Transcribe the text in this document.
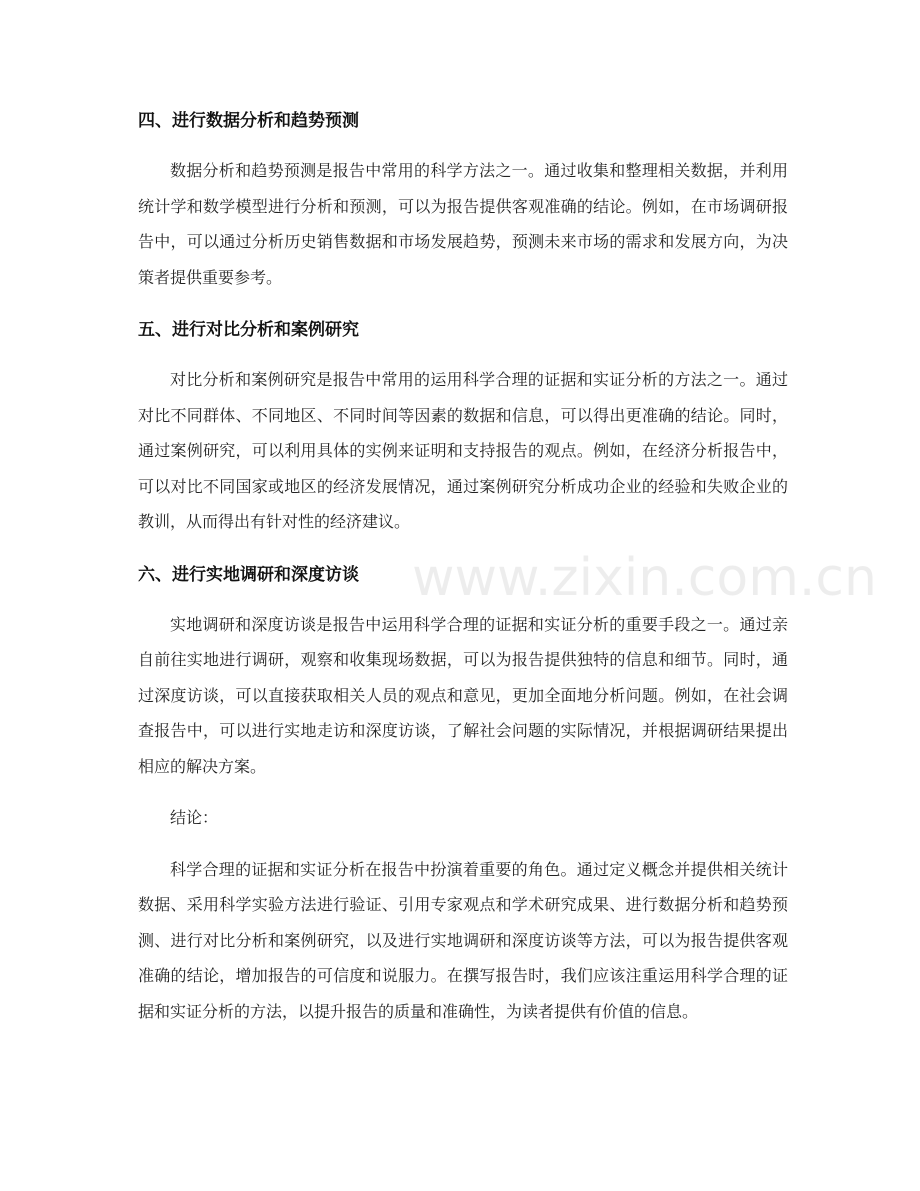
四、进行数据分析和趋势预测

数据分析和趋势预测是报告中常用的科学方法之一。通过收集和整理相关数据，并利用统计学和数学模型进行分析和预测，可以为报告提供客观准确的结论。例如，在市场调研报告中，可以通过分析历史销售数据和市场发展趋势，预测未来市场的需求和发展方向，为决策者提供重要参考。

五、进行对比分析和案例研究

对比分析和案例研究是报告中常用的运用科学合理的证据和实证分析的方法之一。通过对比不同群体、不同地区、不同时间等因素的数据和信息，可以得出更准确的结论。同时，通过案例研究，可以利用具体的实例来证明和支持报告的观点。例如，在经济分析报告中，可以对比不同国家或地区的经济发展情况，通过案例研究分析成功企业的经验和失败企业的教训，从而得出有针对性的经济建议。

六、进行实地调研和深度访谈

实地调研和深度访谈是报告中运用科学合理的证据和实证分析的重要手段之一。通过亲自前往实地进行调研，观察和收集现场数据，可以为报告提供独特的信息和细节。同时，通过深度访谈，可以直接获取相关人员的观点和意见，更加全面地分析问题。例如，在社会调查报告中，可以进行实地走访和深度访谈，了解社会问题的实际情况，并根据调研结果提出相应的解决方案。

结论：

科学合理的证据和实证分析在报告中扮演着重要的角色。通过定义概念并提供相关统计数据、采用科学实验方法进行验证、引用专家观点和学术研究成果、进行数据分析和趋势预测、进行对比分析和案例研究，以及进行实地调研和深度访谈等方法，可以为报告提供客观准确的结论，增加报告的可信度和说服力。在撰写报告时，我们应该注重运用科学合理的证据和实证分析的方法，以提升报告的质量和准确性，为读者提供有价值的信息。

www.zixin.com.cn
